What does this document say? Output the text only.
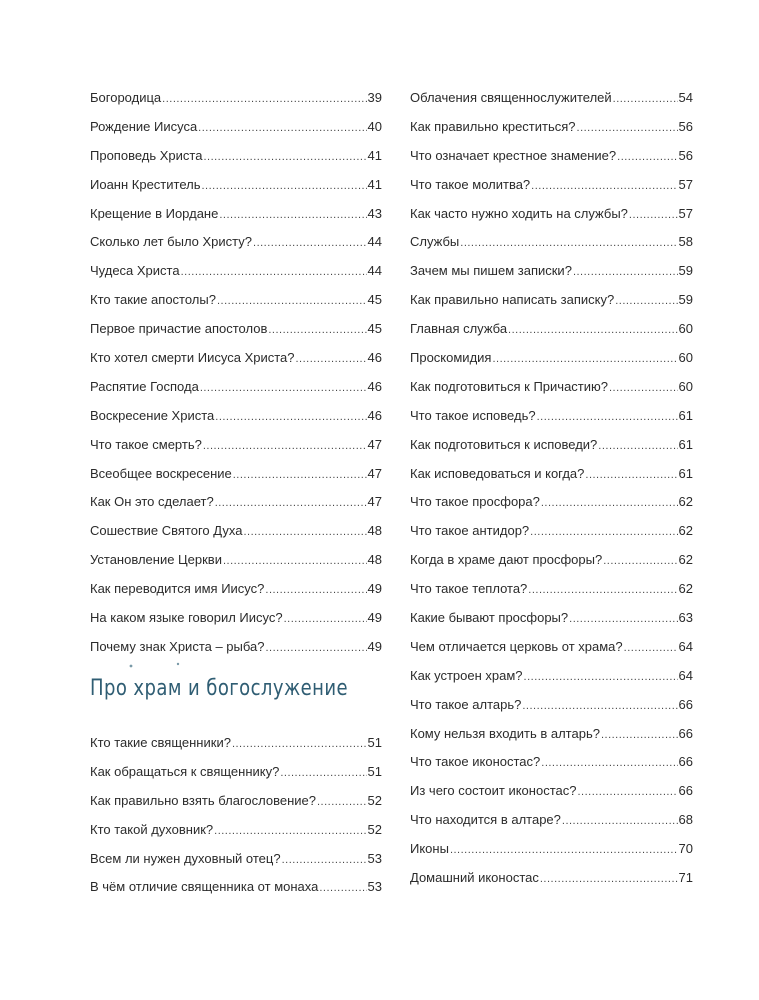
Богородица .....	39
Рождение Иисуса .....	40
Проповедь Христа .....	41
Иоанн Креститель .....	41
Крещение в Иордане .....	43
Сколько лет было Христу? .....	44
Чудеса Христа .....	44
Кто такие апостолы? .....	45
Первое причастие апостолов .....	45
Кто хотел смерти Иисуса Христа? .....	46
Распятие Господа .....	46
Воскресение Христа .....	46
Что такое смерть? .....	47
Всеобщее воскресение .....	47
Как Он это сделает? .....	47
Сошествие Святого Духа .....	48
Установление Церкви .....	48
Как переводится имя Иисус? .....	49
На каком языке говорил Иисус? .....	49
Почему знак Христа – рыба? .....	49
Про храм и богослужение
Кто такие священники? .....	51
Как обращаться к священнику? .....	51
Как правильно взять благословение? .....	52
Кто такой духовник? .....	52
Всем ли нужен духовный отец? .....	53
В чём отличие священника от монаха .....	53
Облачения священнослужителей .....	54
Как правильно креститься? .....	56
Что означает крестное знамение? .....	56
Что такое молитва? .....	57
Как часто нужно ходить на службы? .....	57
Службы .....	58
Зачем мы пишем записки? .....	59
Как правильно написать записку? .....	59
Главная служба .....	60
Проскомидия .....	60
Как подготовиться к Причастию? .....	60
Что такое исповедь? .....	61
Как подготовиться к исповеди? .....	61
Как исповедоваться и когда? .....	61
Что такое просфора? .....	62
Что такое антидор? .....	62
Когда в храме дают просфоры? .....	62
Что такое теплота? .....	62
Какие бывают просфоры? .....	63
Чем отличается церковь от храма? .....	64
Как устроен храм? .....	64
Что такое алтарь? .....	66
Кому нельзя входить в алтарь? .....	66
Что такое иконостас? .....	66
Из чего состоит иконостас? .....	66
Что находится в алтаре? .....	68
Иконы .....	70
Домашний иконостас .....	71
